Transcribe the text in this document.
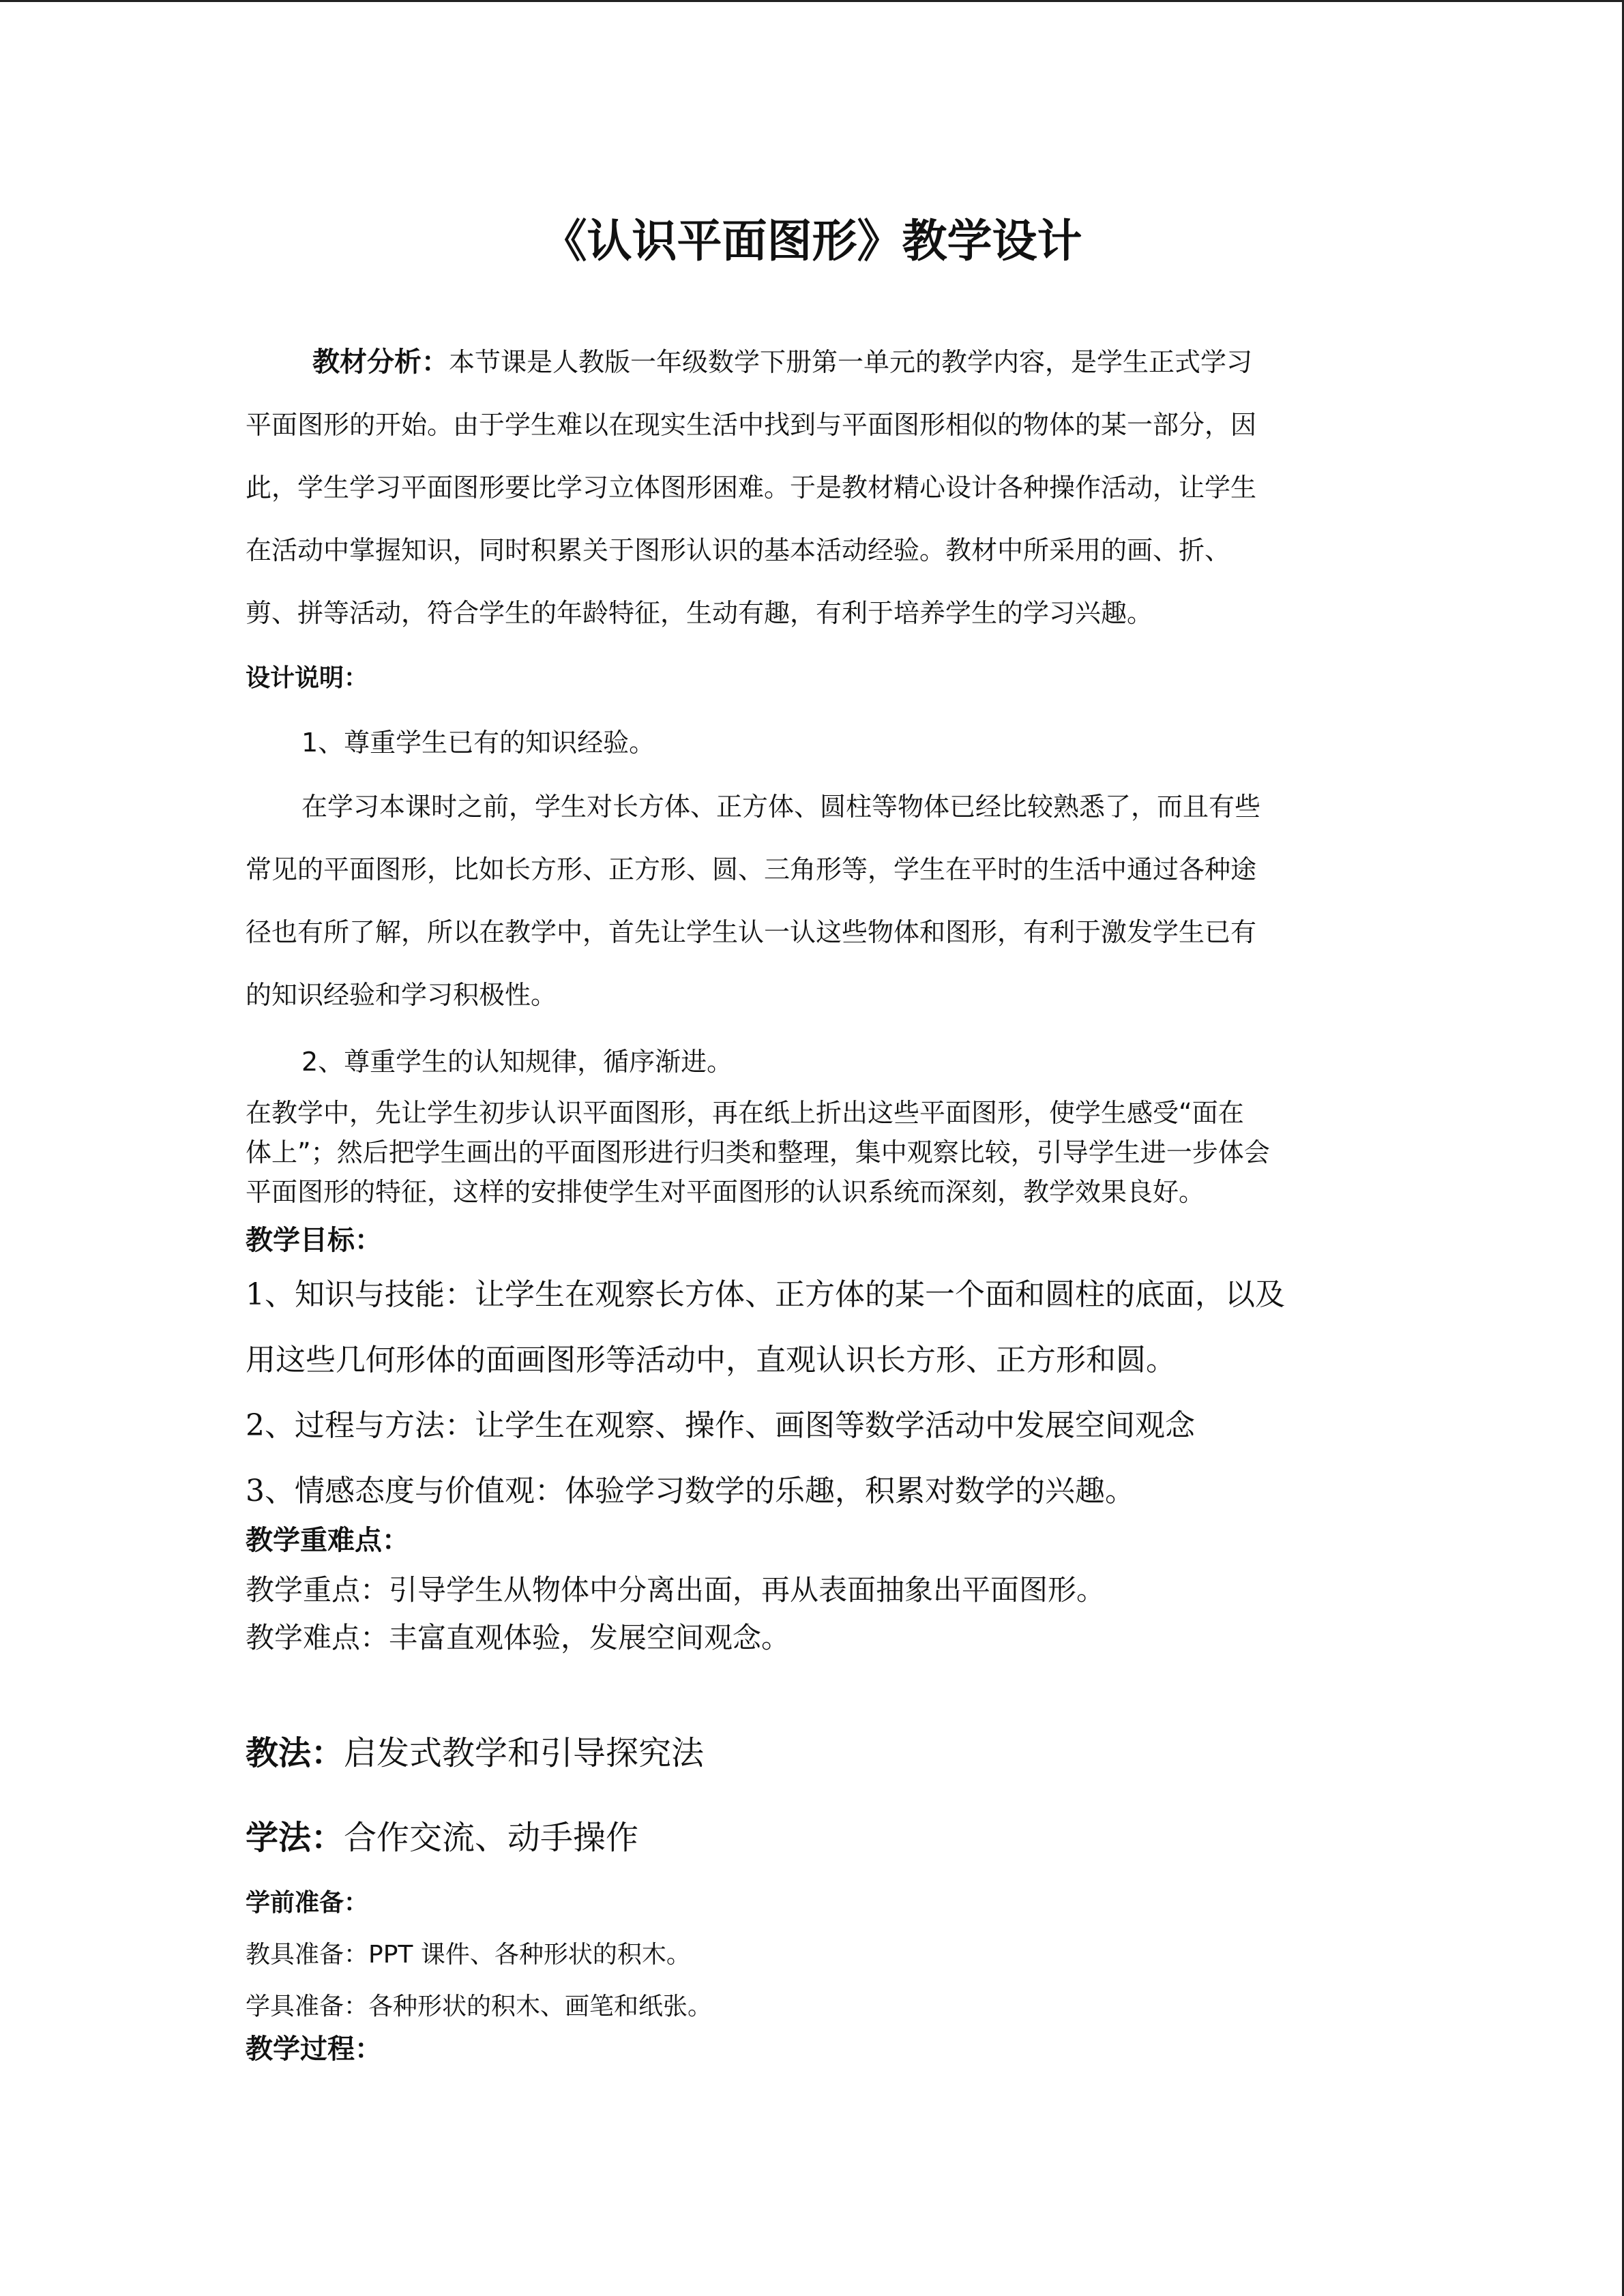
《认识平面图形》教学设计

教材分析：本节课是人教版一年级数学下册第一单元的教学内容，是学生正式学习

平面图形的开始。由于学生难以在现实生活中找到与平面图形相似的物体的某一部分，因

此，学生学习平面图形要比学习立体图形困难。于是教材精心设计各种操作活动，让学生

在活动中掌握知识，同时积累关于图形认识的基本活动经验。教材中所采用的画、折、

剪、拼等活动，符合学生的年龄特征，生动有趣，有利于培养学生的学习兴趣。

设计说明：
1、尊重学生已有的知识经验。

在学习本课时之前，学生对长方体、正方体、圆柱等物体已经比较熟悉了，而且有些

常见的平面图形，比如长方形、正方形、圆、三角形等，学生在平时的生活中通过各种途

径也有所了解，所以在教学中，首先让学生认一认这些物体和图形，有利于激发学生已有

的知识经验和学习积极性。

2、尊重学生的认知规律，循序渐进。

在教学中，先让学生初步认识平面图形，再在纸上折出这些平面图形，使学生感受“面在

体上”；然后把学生画出的平面图形进行归类和整理，集中观察比较，引导学生进一步体会

平面图形的特征，这样的安排使学生对平面图形的认识系统而深刻，教学效果良好。

教学目标：

1、知识与技能：让学生在观察长方体、正方体的某一个面和圆柱的底面，以及

用这些几何形体的面画图形等活动中，直观认识长方形、正方形和圆。

2、过程与方法：让学生在观察、操作、画图等数学活动中发展空间观念

3、情感态度与价值观：体验学习数学的乐趣，积累对数学的兴趣。

教学重难点：

教学重点：引导学生从物体中分离出面，再从表面抽象出平面图形。

教学难点：丰富直观体验，发展空间观念。

教法：启发式教学和引导探究法
学法：合作交流、动手操作
学前准备：
教具准备：PPT 课件、各种形状的积木。
学具准备：各种形状的积木、画笔和纸张。
教学过程：
